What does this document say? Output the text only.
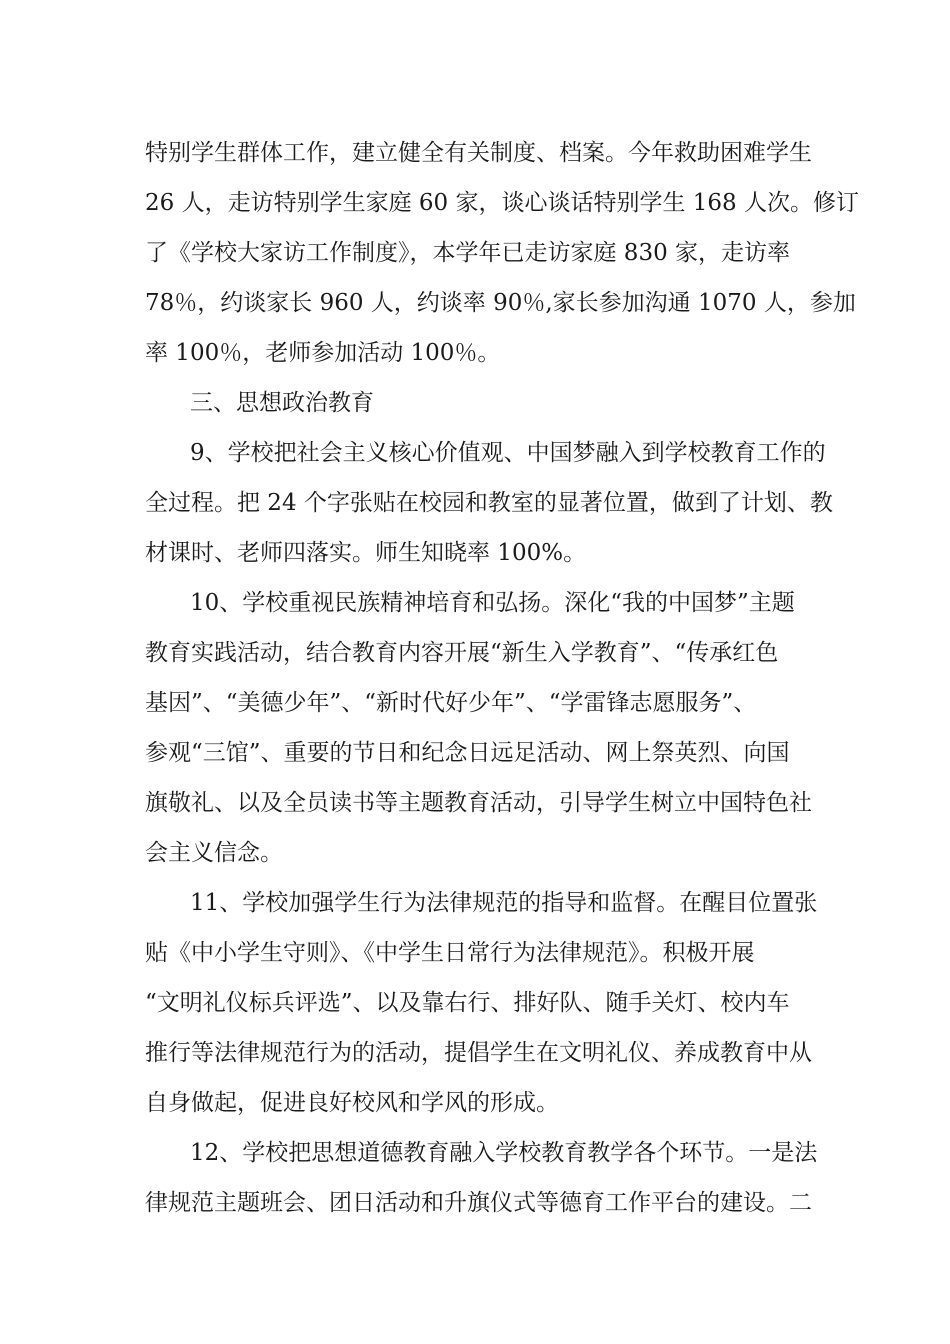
特别学生群体工作，建立健全有关制度、档案。今年救助困难学生
26 人，走访特别学生家庭 60 家，谈心谈话特别学生 168 人次。修订
了《学校大家访工作制度》，本学年已走访家庭 830 家，走访率
78％，约谈家长 960 人，约谈率 90％,家长参加沟通 1070 人，参加
率 100％，老师参加活动 100％。
三、思想政治教育
9、学校把社会主义核心价值观、中国梦融入到学校教育工作的
全过程。把 24 个字张贴在校园和教室的显著位置，做到了计划、教
材课时、老师四落实。师生知晓率 100%。
10、学校重视民族精神培育和弘扬。深化“我的中国梦”主题
教育实践活动，结合教育内容开展“新生入学教育”、“传承红色
基因”、“美德少年”、“新时代好少年”、“学雷锋志愿服务”、
参观“三馆”、重要的节日和纪念日远足活动、网上祭英烈、向国
旗敬礼、以及全员读书等主题教育活动，引导学生树立中国特色社
会主义信念。
11、学校加强学生行为法律规范的指导和监督。在醒目位置张
贴《中小学生守则》、《中学生日常行为法律规范》。积极开展
“文明礼仪标兵评选”、以及靠右行、排好队、随手关灯、校内车
推行等法律规范行为的活动，提倡学生在文明礼仪、养成教育中从
自身做起，促进良好校风和学风的形成。
12、学校把思想道德教育融入学校教育教学各个环节。一是法
律规范主题班会、团日活动和升旗仪式等德育工作平台的建设。二
